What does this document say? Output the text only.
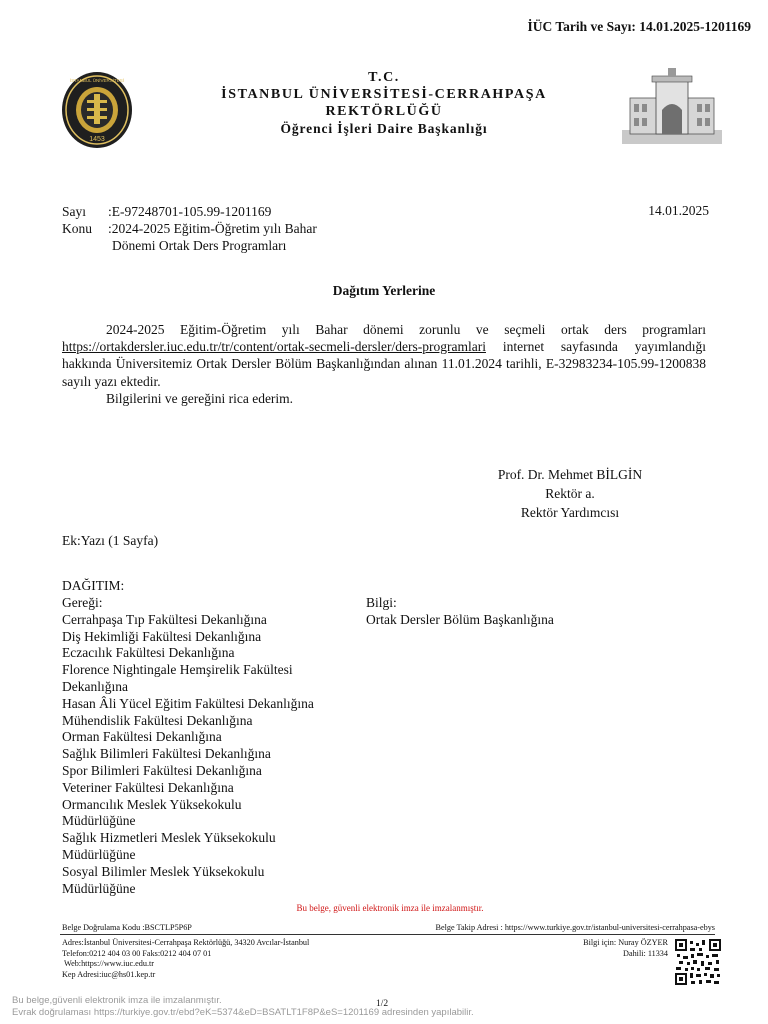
İÜC Tarih ve Sayı: 14.01.2025-1201169
1453
İSTANBUL ÜNİVERSİTESİ	T.C.
İSTANBUL ÜNİVERSİTESİ-CERRAHPAŞA
REKTÖRLÜĞÜ
Öğrenci İşleri Daire Başkanlığı
Sayı :E-97248701-105.99-1201169
Konu :2024-2025 Eğitim-Öğretim yılı Bahar
Dönemi Ortak Ders Programları
14.01.2025
Dağıtım Yerlerine

2024-2025 Eğitim-Öğretim yılı Bahar dönemi zorunlu ve seçmeli ortak ders programları https://ortakdersler.iuc.edu.tr/tr/content/ortak-secmeli-dersler/ders-programlari internet sayfasında yayımlandığı hakkında Üniversitemiz Ortak Dersler Bölüm Başkanlığından alınan 11.01.2024 tarihli, E-32983234-105.99-1200838 sayılı yazı ektedir.

Bilgilerini ve gereğini rica ederim.

Prof. Dr. Mehmet BİLGİN
Rektör a.
Rektör Yardımcısı
Ek:Yazı (1 Sayfa)
DAĞITIM:
Gereği:
Cerrahpaşa Tıp Fakültesi Dekanlığına
Diş Hekimliği Fakültesi Dekanlığına
Eczacılık Fakültesi Dekanlığına
Florence Nightingale Hemşirelik Fakültesi
Dekanlığına
Hasan Âli Yücel Eğitim Fakültesi Dekanlığına
Mühendislik Fakültesi Dekanlığına
Orman Fakültesi Dekanlığına
Sağlık Bilimleri Fakültesi Dekanlığına
Spor Bilimleri Fakültesi Dekanlığına
Veteriner Fakültesi Dekanlığına
Ormancılık Meslek Yüksekokulu
Müdürlüğüne
Sağlık Hizmetleri Meslek Yüksekokulu
Müdürlüğüne
Sosyal Bilimler Meslek Yüksekokulu
Müdürlüğüne
Bilgi:
Ortak Dersler Bölüm Başkanlığına
Bu belge, güvenli elektronik imza ile imzalanmıştır.
Belge Doğrulama Kodu :BSCTLP5P6P	Belge Takip Adresi : https://www.turkiye.gov.tr/istanbul-universitesi-cerrahpasa-ebys
Adres:İstanbul Üniversitesi-Cerrahpaşa Rektörlüğü, 34320 Avcılar-İstanbul
Telefon:0212 404 03 00 Faks:0212 404 07 01
Web:https://www.iuc.edu.tr
Kep Adresi:iuc@hs01.kep.tr
Bilgi için: Nuray ÖZYER
Dahili: 11334
Bu belge,güvenli elektronik imza ile imzalanmıştır.
Evrak doğrulaması https://turkiye.gov.tr/ebd?eK=5374&eD=BSATLT1F8P&eS=1201169 adresinden yapılabilir.
1/2
